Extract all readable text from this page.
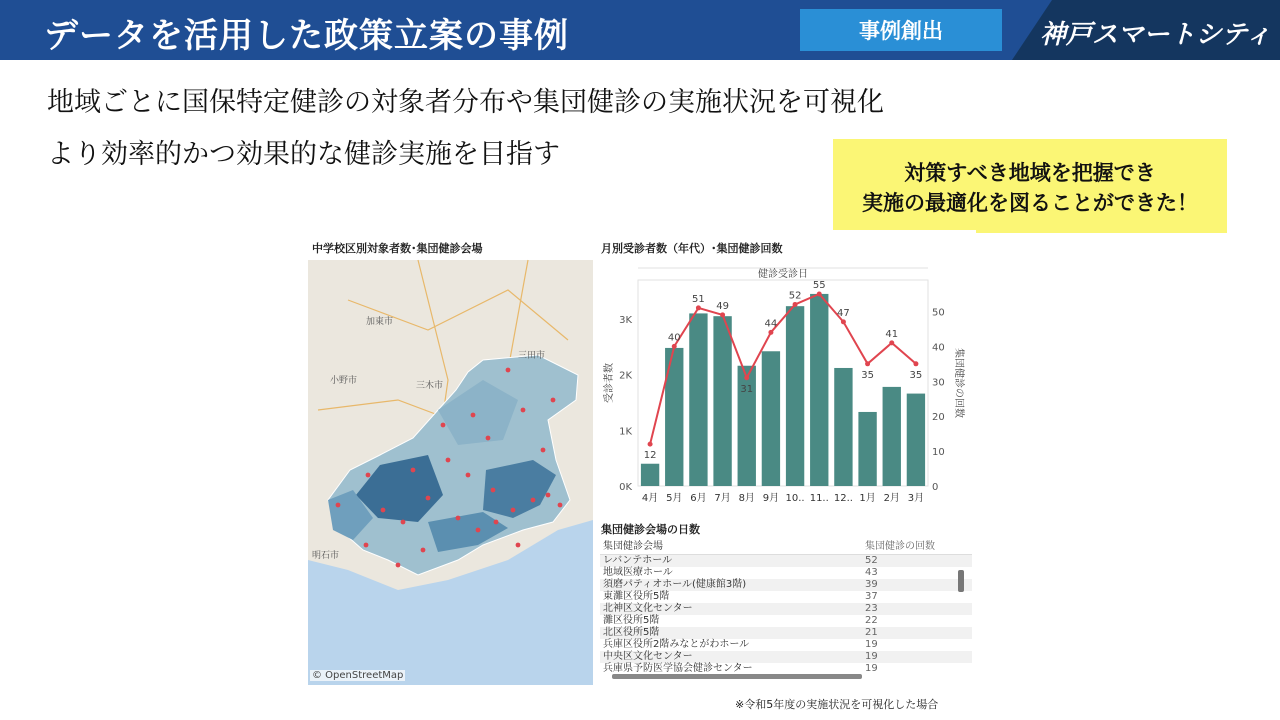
データを活用した政策立案の事例	事例創出	神戸スマートシティ
地域ごとに国保特定健診の対象者分布や集団健診の実施状況を可視化
より効率的かつ効果的な健診実施を目指す
対策すべき地域を把握でき
実施の最適化を図ることができた！
中学校区別対象者数･集団健診会場
加東市
三田市
小野市	三木市
明石市
© OpenStreetMap
月別受診者数（年代）･集団健診回数
健診受診日
0K
1K
2K
3K
0
10
20
30
40
50
受診者数	集団健診の回数
4月 5月 6月 7月 8月 9月 10.. 11.. 12.. 1月 2月 3月
12
40
51
49
31
44
52
55
47
35
41
35
集団健診会場の日数
集団健診会場	集団健診の回数
レバンテホール	52
地域医療ホール	43
須磨パティオホール(健康館3階)	39
東灘区役所5階	37
北神区文化センター	23
灘区役所5階	22
北区役所5階	21
兵庫区役所2階みなとがわホール	19
中央区文化センター	19
兵庫県予防医学協会健診センター	19
※令和5年度の実施状況を可視化した場合
